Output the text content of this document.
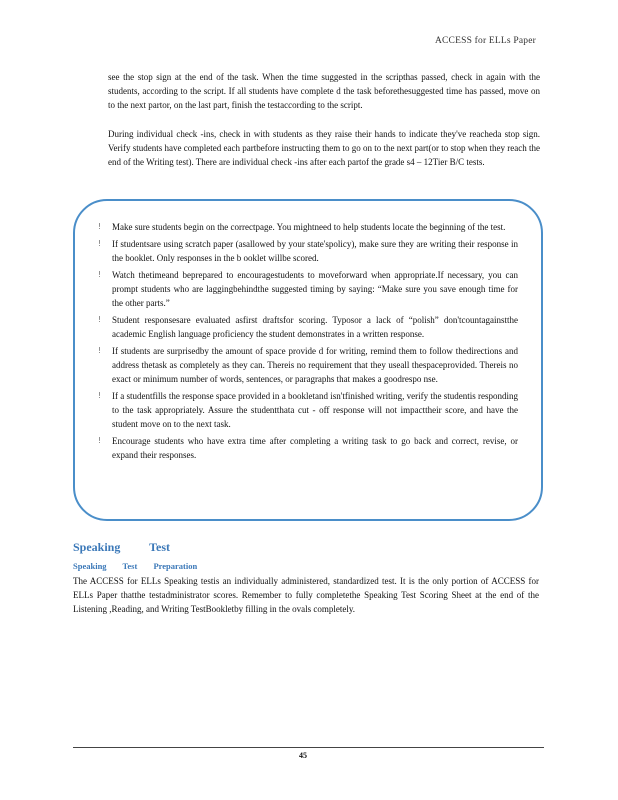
ACCESS for ELLs Paper

see the stop sign at the end of the task. When the time suggested in the scripthas passed, check in again with the students, according to the script. If all students have complete d the task beforethesuggested time has passed, move on to the next partor, on the last part, finish the testaccording to the script.

During individual check -ins, check in with students as they raise their hands to indicate they've reacheda stop sign. Verify students have completed each partbefore instructing them to go on to the next part(or to stop when they reach the end of the Writing test). There are individual check -ins after each partof the grade s4 – 12Tier B/C tests.

! Make sure students begin on the correctpage. You mightneed to help students locate the beginning of the test.
! If studentsare using scratch paper (asallowed by your state'spolicy), make sure they are writing their response in the booklet. Only responses in the b ooklet willbe scored.
! Watch thetimeand beprepared to encouragestudents to moveforward when appropriate.If necessary, you can prompt students who are laggingbehindthe suggested timing by saying: “Make sure you save enough time for the other parts.”
! Student responsesare evaluated asfirst draftsfor scoring. Typosor a lack of “polish” don'tcountagainstthe academic English language proficiency the student demonstrates in a written response.
! If students are surprisedby the amount of space provide d for writing, remind them to follow thedirections and address thetask as completely as they can. Thereis no requirement that they useall thespaceprovided. Thereis no exact or minimum number of words, sentences, or paragraphs that makes a goodrespo nse.
! If a studentfills the response space provided in a bookletand isn'tfinished writing, verify the studentis responding to the task appropriately. Assure the studentthata cut - off response will not impacttheir score, and have the student move on to the next task.
! Encourage students who have extra time after completing a writing task to go back and correct, revise, or expand their responses.
Speaking Test
Speaking Test Preparation

The ACCESS for ELLs Speaking testis an individually administered, standardized test. It is the only portion of ACCESS for ELLs Paper thatthe testadministrator scores. Remember to fully completethe Speaking Test Scoring Sheet at the end of the Listening ,Reading, and Writing TestBookletby filling in the ovals completely.

45
